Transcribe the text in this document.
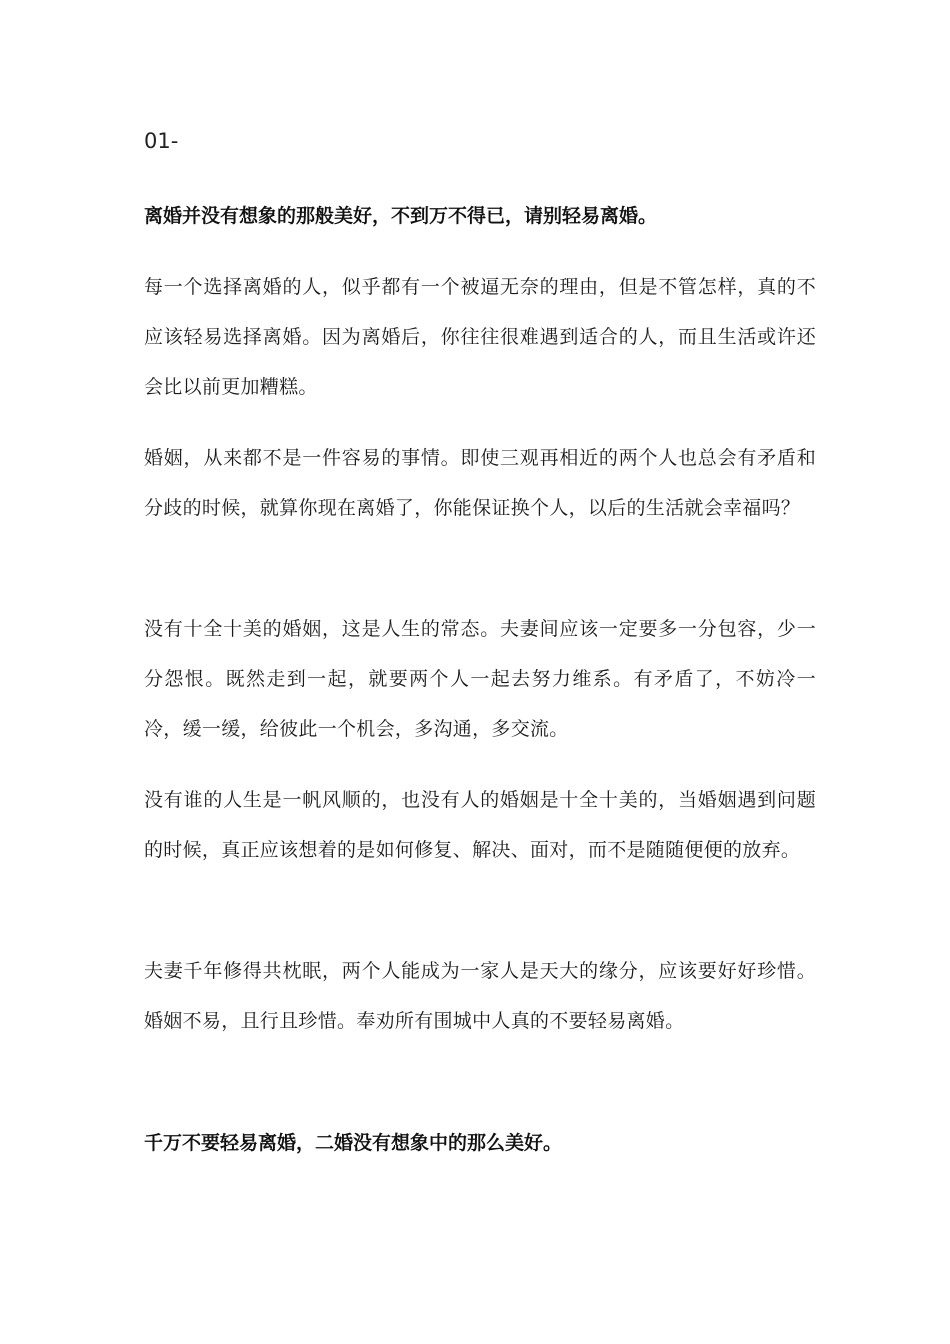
01-

离婚并没有想象的那般美好，不到万不得已，请别轻易离婚。

每一个选择离婚的人，似乎都有一个被逼无奈的理由，但是不管怎样，真的不应该轻易选择离婚。因为离婚后，你往往很难遇到适合的人，而且生活或许还会比以前更加糟糕。

婚姻，从来都不是一件容易的事情。即使三观再相近的两个人也总会有矛盾和分歧的时候，就算你现在离婚了，你能保证换个人，以后的生活就会幸福吗？

没有十全十美的婚姻，这是人生的常态。夫妻间应该一定要多一分包容，少一分怨恨。既然走到一起，就要两个人一起去努力维系。有矛盾了，不妨冷一冷，缓一缓，给彼此一个机会，多沟通，多交流。

没有谁的人生是一帆风顺的，也没有人的婚姻是十全十美的，当婚姻遇到问题的时候，真正应该想着的是如何修复、解决、面对，而不是随随便便的放弃。

夫妻千年修得共枕眠，两个人能成为一家人是天大的缘分，应该要好好珍惜。婚姻不易，且行且珍惜。奉劝所有围城中人真的不要轻易离婚。

千万不要轻易离婚，二婚没有想象中的那么美好。
